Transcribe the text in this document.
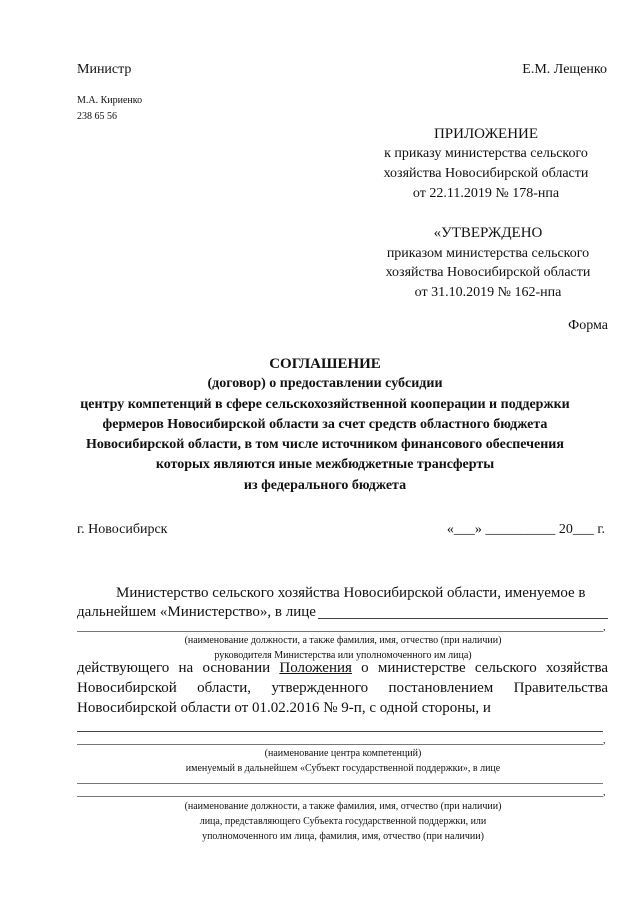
Министр	Е.М. Лещенко
М.А. Кириенко
238 65 56
ПРИЛОЖЕНИЕ
к приказу министерства сельского
хозяйства Новосибирской области
от 22.11.2019 № 178-нпа
«УТВЕРЖДЕНО
приказом министерства сельского
хозяйства Новосибирской области
от 31.10.2019 № 162-нпа
Форма
СОГЛАШЕНИЕ
(договор) о предоставлении субсидии
центру компетенций в сфере сельскохозяйственной кооперации и поддержки
фермеров Новосибирской области за счет средств областного бюджета
Новосибирской области, в том числе источником финансового обеспечения
которых являются иные межбюджетные трансферты
из федерального бюджета
г. Новосибирск	«___» __________ 20___ г.
Министерство сельского хозяйства Новосибирской области, именуемое в
дальнейшем «Министерство», в лице
,
(наименование должности, а также фамилия, имя, отчество (при наличии)
руководителя Министерства или уполномоченного им лица)
действующего на основании Положения о министерстве сельского хозяйства
Новосибирской области, утвержденного постановлением Правительства
Новосибирской области от 01.02.2016 № 9-п, с одной стороны, и
,
(наименование центра компетенций)
именуемый в дальнейшем «Субъект государственной поддержки», в лице
,
(наименование должности, а также фамилия, имя, отчество (при наличии)
лица, представляющего Субъекта государственной поддержки, или
уполномоченного им лица, фамилия, имя, отчество (при наличии)
